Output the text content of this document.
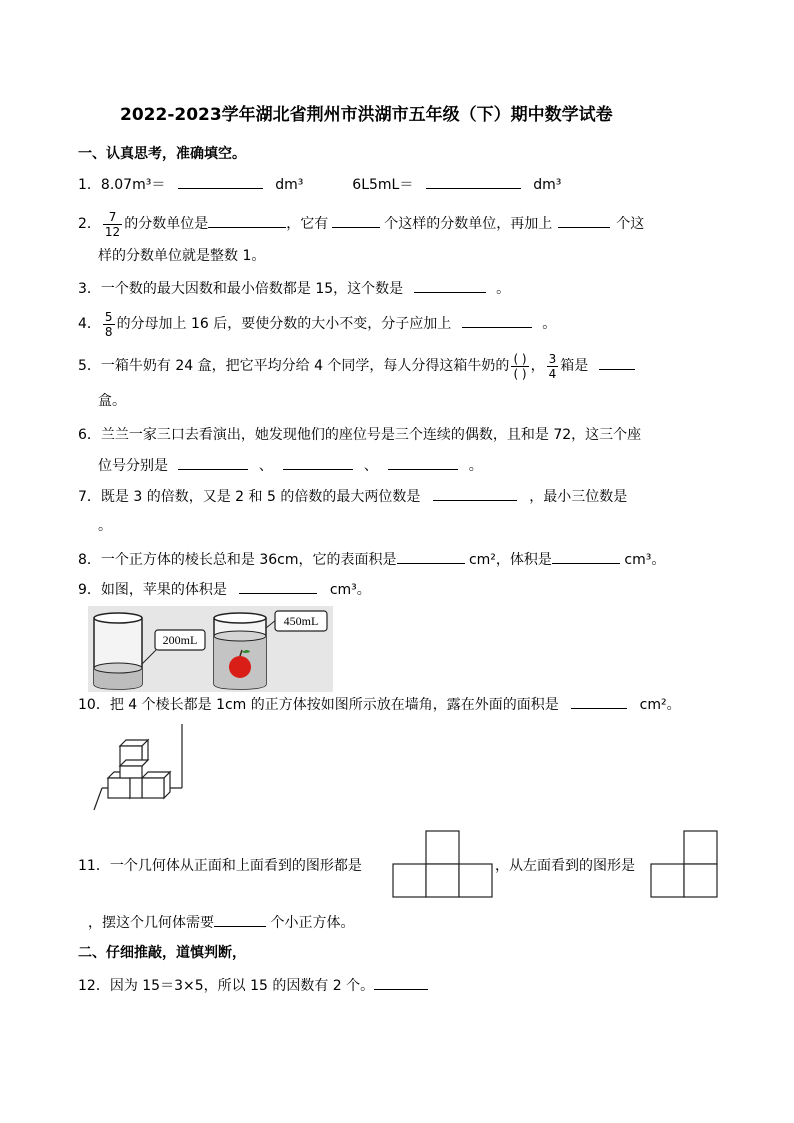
2022-2023学年湖北省荆州市洪湖市五年级（下）期中数学试卷
一、认真思考，准确填空。
1．8.07m³＝	dm³	6L5mL＝	dm³
2． $\frac{7}{12}$ 的分数单位是	，它有	个这样的分数单位，再加上	个这
样的分数单位就是整数 1。
3．一个数的最大因数和最小倍数都是 15，这个数是	。
4． $\frac{5}{8}$ 的分母加上 16 后，要使分数的大小不变，分子应加上	。
5．一箱牛奶有 24 盒，把它平均分给 4 个同学，每人分得这箱牛奶的 $\frac{( )}{( )}$ ， $\frac{3}{4}$ 箱是
盒。
6．兰兰一家三口去看演出，她发现他们的座位号是三个连续的偶数，且和是 72，这三个座
位号分别是	、	、	。
7．既是 3 的倍数，又是 2 和 5 的倍数的最大两位数是	，最小三位数是
。
8．一个正方体的棱长总和是 36cm，它的表面积是	cm²，体积是	cm³。
9．如图，苹果的体积是	cm³。
200mL
450mL
10．把 4 个棱长都是 1cm 的正方体按如图所示放在墙角，露在外面的面积是	cm²。
11．一个几何体从正面和上面看到的图形都是	，从左面看到的图形是
，摆这个几何体需要	个小正方体。
二、仔细推敲，道慎判断，
12．因为 15＝3×5，所以 15 的因数有 2 个。
